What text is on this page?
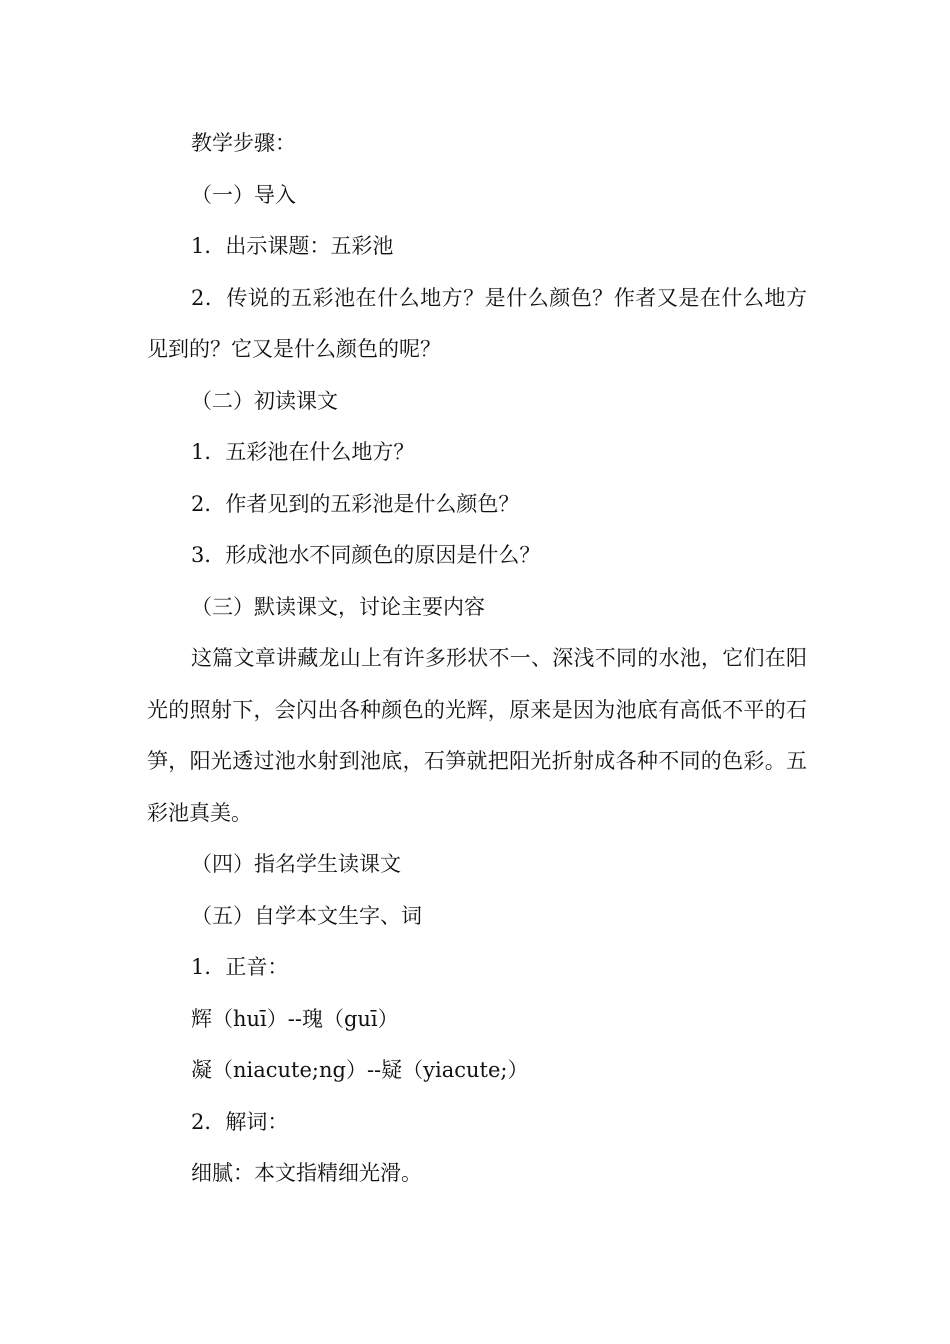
教学步骤：

（一）导入

1．出示课题：五彩池

2．传说的五彩池在什么地方？是什么颜色？作者又是在什么地方见到的？它又是什么颜色的呢？

（二）初读课文

1．五彩池在什么地方？

2．作者见到的五彩池是什么颜色？

3．形成池水不同颜色的原因是什么？

（三）默读课文，讨论主要内容

这篇文章讲藏龙山上有许多形状不一、深浅不同的水池，它们在阳光的照射下，会闪出各种颜色的光辉，原来是因为池底有高低不平的石笋，阳光透过池水射到池底，石笋就把阳光折射成各种不同的色彩。五彩池真美。

（四）指名学生读课文

（五）自学本文生字、词

1．正音：

辉（huī）--瑰（guī）

凝（niacute;ng）--疑（yiacute;）

2．解词：

细腻：本文指精细光滑。
